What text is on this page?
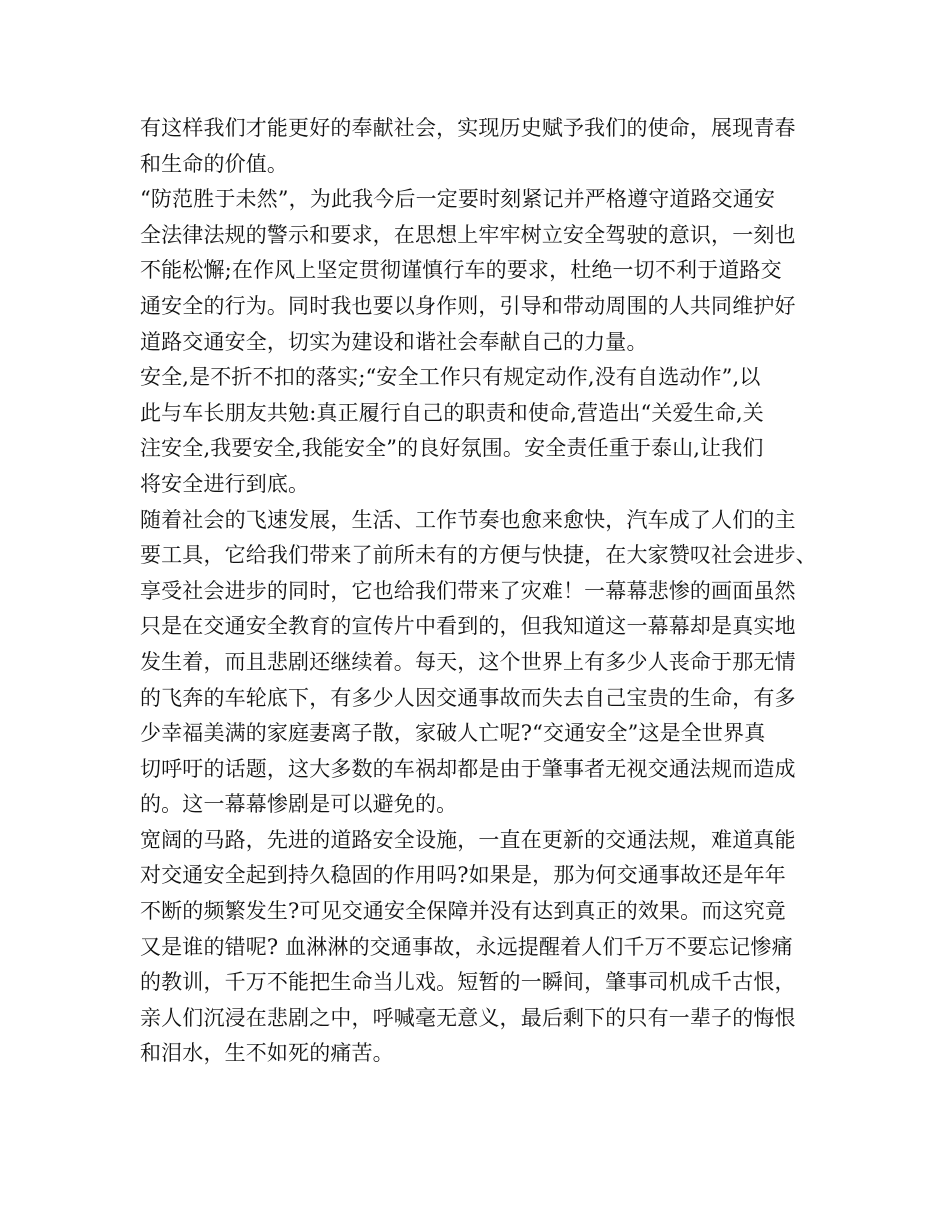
有这样我们才能更好的奉献社会，实现历史赋予我们的使命，展现青春
和生命的价值。
“防范胜于未然”，为此我今后一定要时刻紧记并严格遵守道路交通安
全法律法规的警示和要求，在思想上牢牢树立安全驾驶的意识，一刻也
不能松懈;在作风上坚定贯彻谨慎行车的要求，杜绝一切不利于道路交
通安全的行为。同时我也要以身作则，引导和带动周围的人共同维护好
道路交通安全，切实为建设和谐社会奉献自己的力量。
安全,是不折不扣的落实;“安全工作只有规定动作,没有自选动作”,以
此与车长朋友共勉:真正履行自己的职责和使命,营造出“关爱生命,关
注安全,我要安全,我能安全”的良好氛围。安全责任重于泰山,让我们
将安全进行到底。
随着社会的飞速发展，生活、工作节奏也愈来愈快，汽车成了人们的主
要工具，它给我们带来了前所未有的方便与快捷，在大家赞叹社会进步、
享受社会进步的同时，它也给我们带来了灾难！一幕幕悲惨的画面虽然
只是在交通安全教育的宣传片中看到的，但我知道这一幕幕却是真实地
发生着，而且悲剧还继续着。每天，这个世界上有多少人丧命于那无情
的飞奔的车轮底下，有多少人因交通事故而失去自己宝贵的生命，有多
少幸福美满的家庭妻离子散，家破人亡呢?“交通安全”这是全世界真
切呼吁的话题，这大多数的车祸却都是由于肇事者无视交通法规而造成
的。这一幕幕惨剧是可以避免的。
宽阔的马路，先进的道路安全设施，一直在更新的交通法规，难道真能
对交通安全起到持久稳固的作用吗?如果是，那为何交通事故还是年年
不断的频繁发生?可见交通安全保障并没有达到真正的效果。而这究竟
又是谁的错呢? 血淋淋的交通事故，永远提醒着人们千万不要忘记惨痛
的教训，千万不能把生命当儿戏。短暂的一瞬间，肇事司机成千古恨，
亲人们沉浸在悲剧之中，呼喊毫无意义，最后剩下的只有一辈子的悔恨
和泪水，生不如死的痛苦。
